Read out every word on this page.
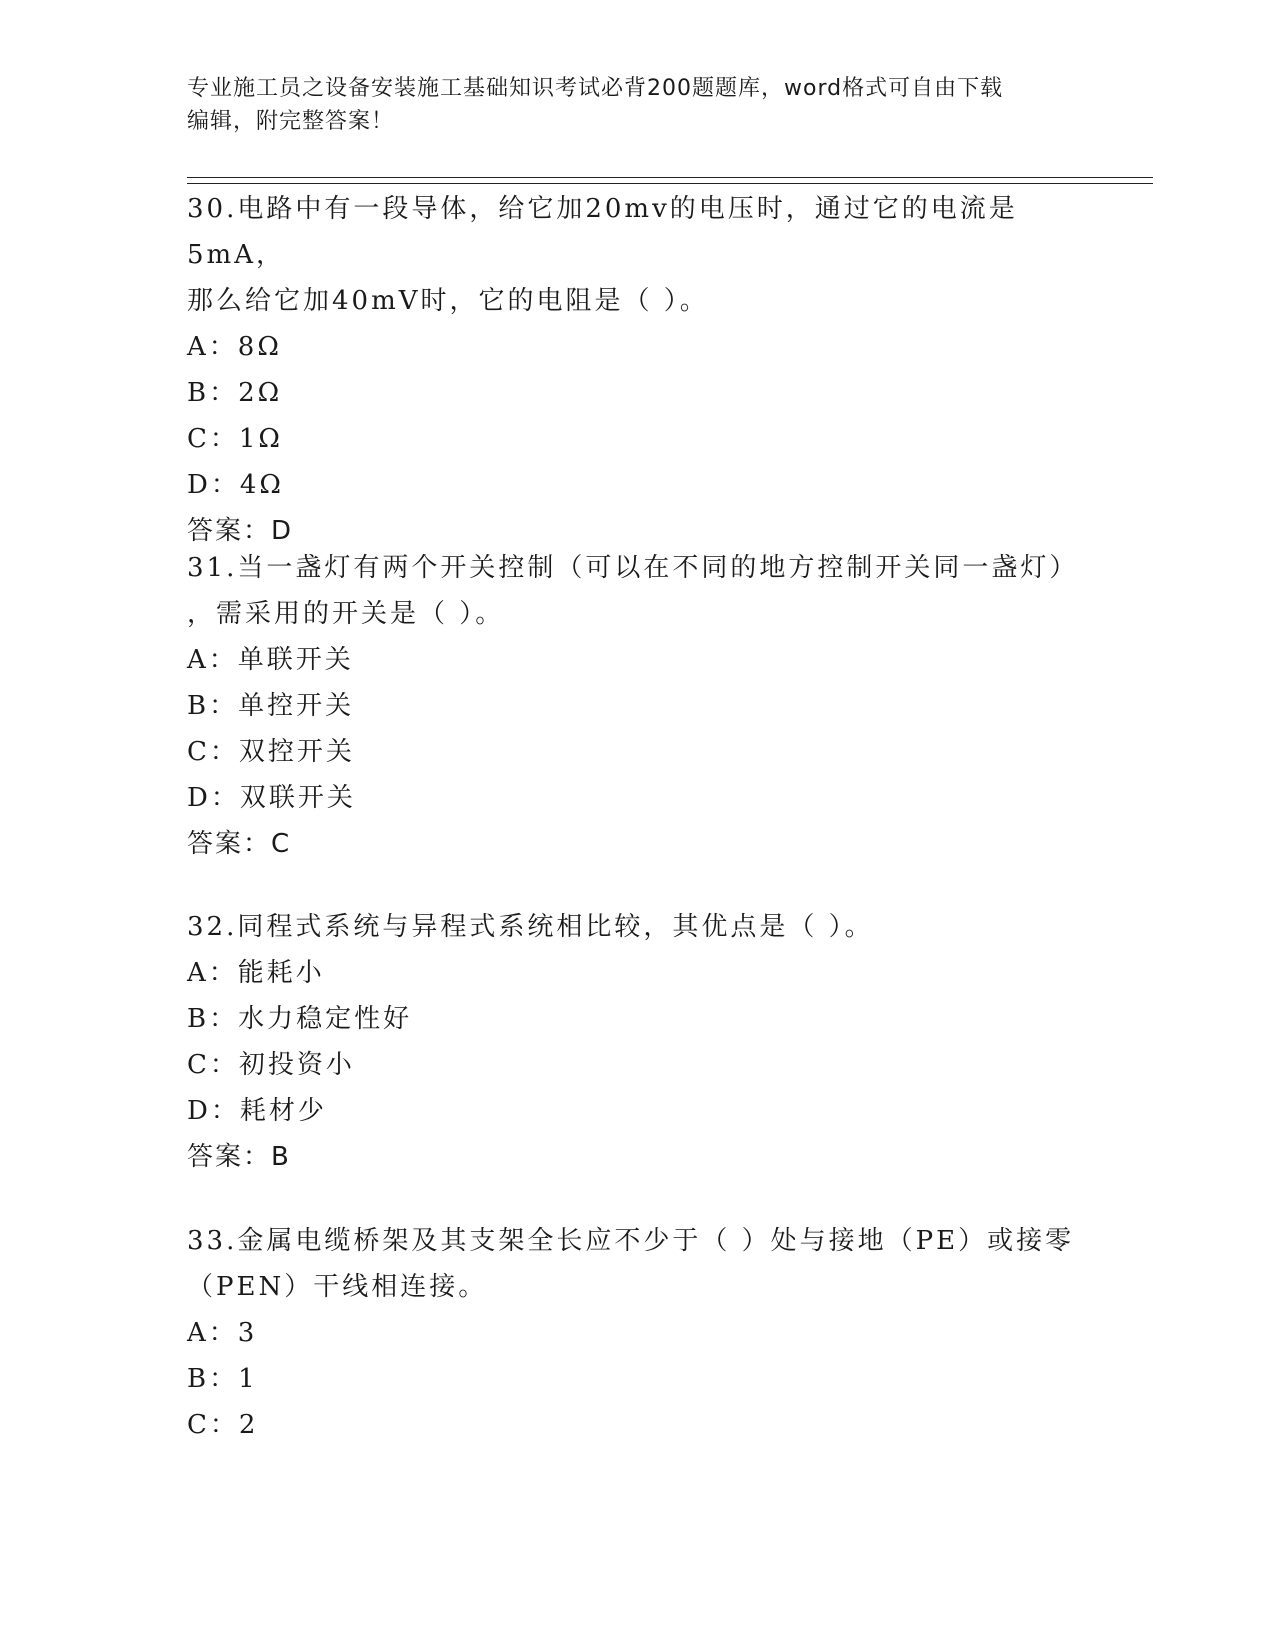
专业施工员之设备安装施工基础知识考试必背200题题库，word格式可自由下载
编辑，附完整答案！

30.电路中有一段导体，给它加20mv的电压时，通过它的电流是5mA，

那么给它加40mV时，它的电阻是（ ）。

A：8Ω

B：2Ω

C：1Ω

D：4Ω

答案：D

31.当一盏灯有两个开关控制（可以在不同的地方控制开关同一盏灯）

，需采用的开关是（ ）。

A：单联开关

B：单控开关

C：双控开关

D：双联开关

答案：C

32.同程式系统与异程式系统相比较，其优点是（ ）。

A：能耗小

B：水力稳定性好

C：初投资小

D：耗材少

答案：B

33.金属电缆桥架及其支架全长应不少于（ ）处与接地（PE）或接零

（PEN）干线相连接。

A：3

B：1

C：2
